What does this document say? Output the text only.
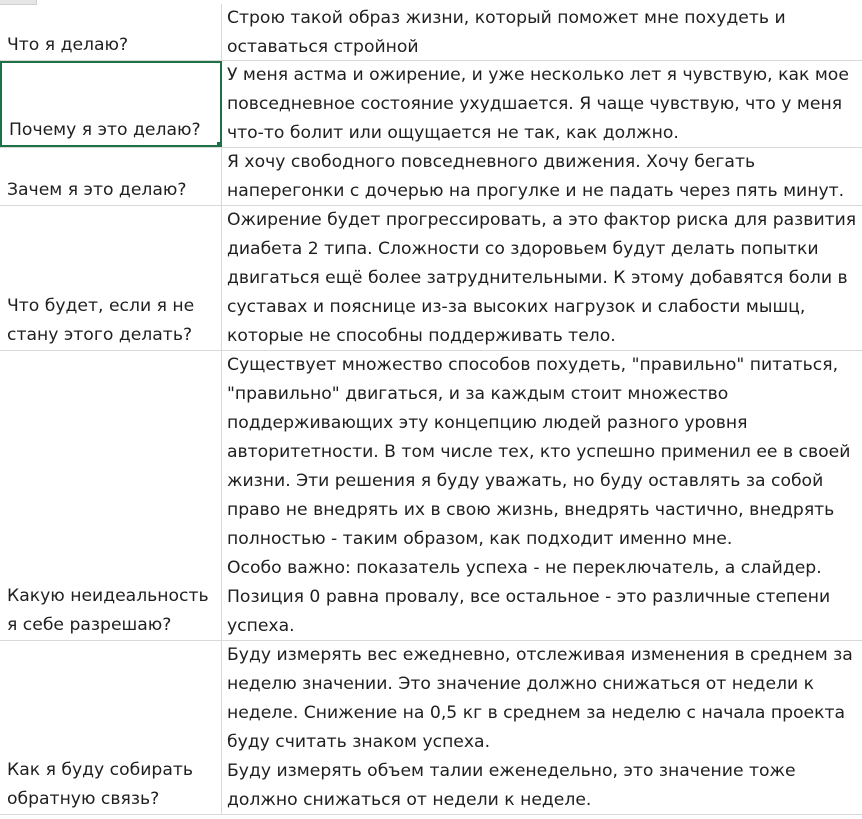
Что я делаю?
Строю такой образ жизни, который поможет мне похудеть и
оставаться стройной
Почему я это делаю?
У меня астма и ожирение, и уже несколько лет я чувствую, как мое
повседневное состояние ухудшается. Я чаще чувствую, что у меня
что-то болит или ощущается не так, как должно.
Зачем я это делаю?
Я хочу свободного повседневного движения. Хочу бегать
наперегонки с дочерью на прогулке и не падать через пять минут.
Что будет, если я не
стану этого делать?
Ожирение будет прогрессировать, а это фактор риска для развития
диабета 2 типа. Сложности со здоровьем будут делать попытки
двигаться ещё более затруднительными. К этому добавятся боли в
суставах и пояснице из-за высоких нагрузок и слабости мышц,
которые не способны поддерживать тело.
Какую неидеальность
я себе разрешаю?
Существует множество способов похудеть, "правильно" питаться,
"правильно" двигаться, и за каждым стоит множество
поддерживающих эту концепцию людей разного уровня
авторитетности. В том числе тех, кто успешно применил ее в своей
жизни. Эти решения я буду уважать, но буду оставлять за собой
право не внедрять их в свою жизнь, внедрять частично, внедрять
полностью - таким образом, как подходит именно мне.
Особо важно: показатель успеха - не переключатель, а слайдер.
Позиция 0 равна провалу, все остальное - это различные степени
успеха.
Как я буду собирать
обратную связь?
Буду измерять вес ежедневно, отслеживая изменения в среднем за
неделю значении. Это значение должно снижаться от недели к
неделе. Снижение на 0,5 кг в среднем за неделю с начала проекта
буду считать знаком успеха.
Буду измерять объем талии еженедельно, это значение тоже
должно снижаться от недели к неделе.
